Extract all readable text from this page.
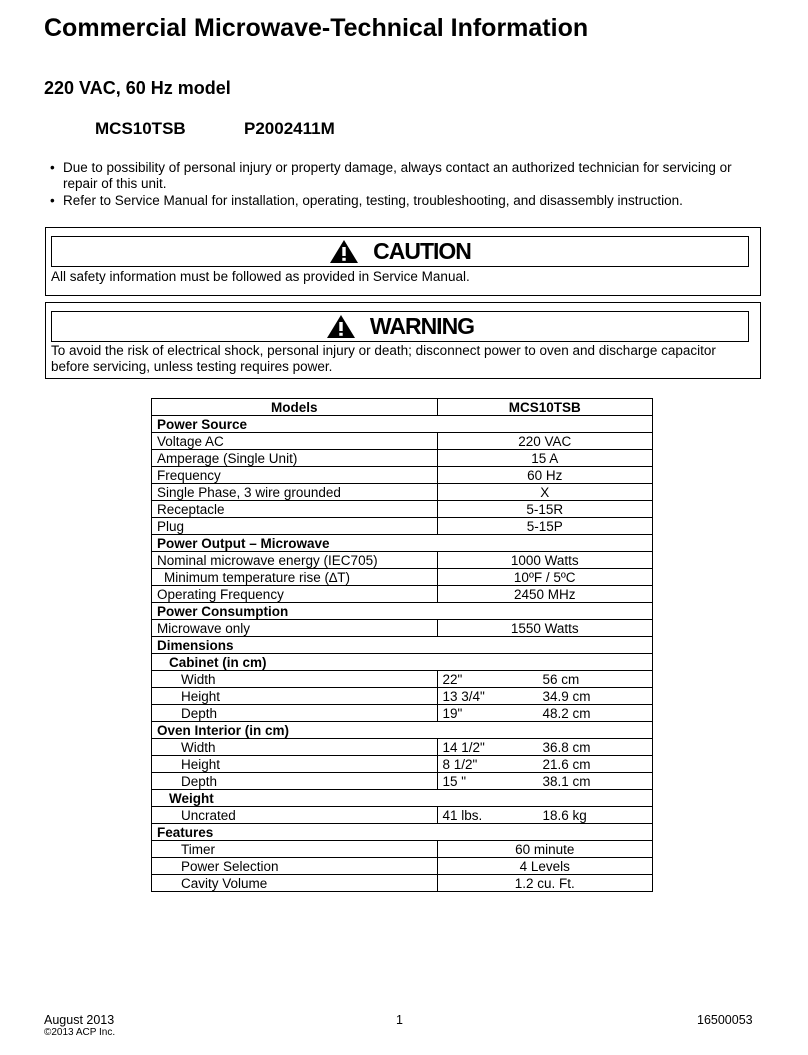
Commercial Microwave-Technical Information
220 VAC, 60 Hz model
MCS10TSB	P2002411M
• Due to possibility of personal injury or property damage, always contact an authorized technician for servicing or repair of this unit.
• Refer to Service Manual for installation, operating, testing, troubleshooting, and disassembly instruction.
CAUTION
All safety information must be followed as provided in Service Manual.
WARNING
To avoid the risk of electrical shock, personal injury or death; disconnect power to oven and discharge capacitor before servicing, unless testing requires power.
Models	MCS10TSB
Power Source	
Voltage AC	220 VAC
Amperage (Single Unit)	15 A
Frequency	60 Hz
Single Phase, 3 wire grounded	X
Receptacle	5-15R
Plug	5-15P
Power Output – Microwave	
Nominal microwave energy (IEC705)	1000 Watts
Minimum temperature rise (∆T)	10ºF / 5ºC
Operating Frequency	2450 MHz
Power Consumption	
Microwave only	1550 Watts
Dimensions	
Cabinet (in cm)	
Width	22" 56 cm

Height	13 3/4" 34.9 cm

Depth	19" 48.2 cm

Oven Interior (in cm)	
Width	14 1/2" 36.8 cm

Height	8 1/2" 21.6 cm

Depth	15 " 38.1 cm

Weight	
Uncrated	41 lbs. 18.6 kg

Features	
Timer	60 minute
Power Selection	4 Levels
Cavity Volume	1.2 cu. Ft.
August 2013	1	16500053
©2013 ACP Inc.
